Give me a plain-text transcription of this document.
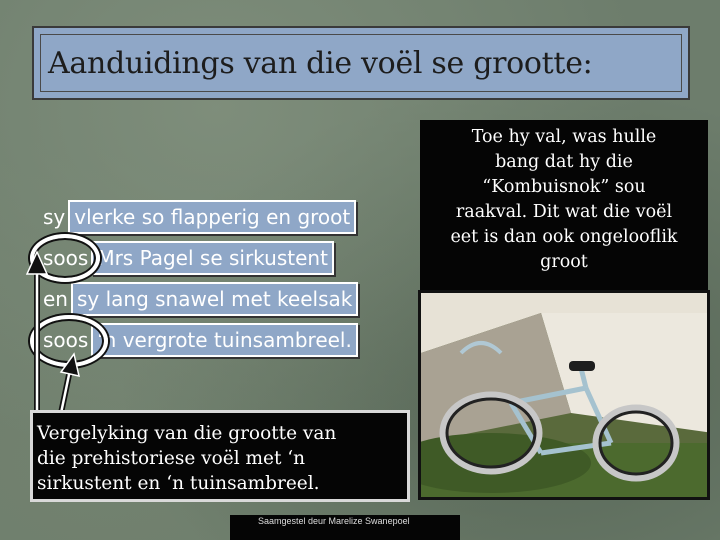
Aanduidings van die voël se grootte:
sy vlerke so flapperig en groot
soos Mrs Pagel se sirkustent
en sy lang snawel met keelsak
soos ‘n vergrote tuinsambreel.
Toe hy val, was hulle
bang dat hy die
“Kombuisnok” sou
raakval. Dit wat die voël
eet is dan ook ongelooflik
groot
Vergelyking van die grootte van
die prehistoriese voël met ‘n
sirkustent en ‘n tuinsambreel.
Saamgestel deur Marelize Swanepoel
